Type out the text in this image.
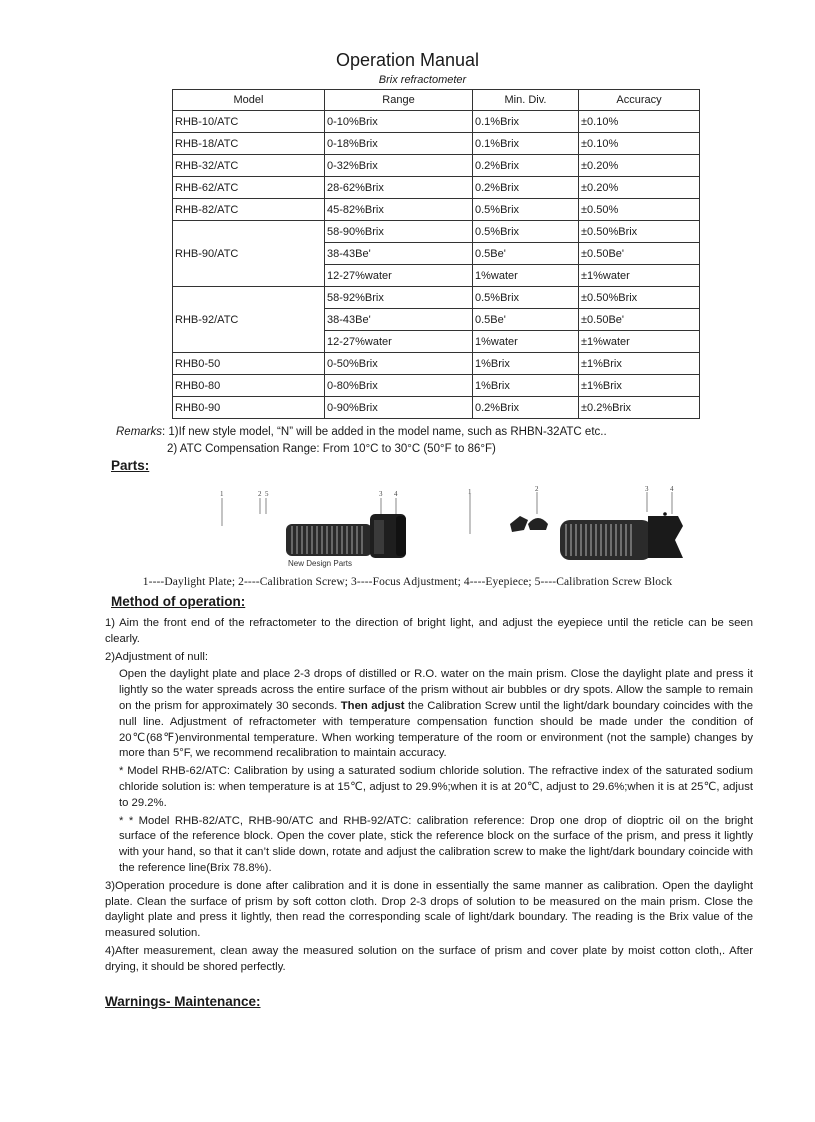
Operation Manual
Brix refractometer
Model	Range	Min. Div.	Accuracy
RHB-10/ATC	0-10%Brix	0.1%Brix	±0.10%
RHB-18/ATC	0-18%Brix	0.1%Brix	±0.10%
RHB-32/ATC	0-32%Brix	0.2%Brix	±0.20%
RHB-62/ATC	28-62%Brix	0.2%Brix	±0.20%
RHB-82/ATC	45-82%Brix	0.5%Brix	±0.50%
RHB-90/ATC	58-90%Brix	0.5%Brix	±0.50%Brix
	38-43Be'	0.5Be'	±0.50Be'
	12-27%water	1%water	±1%water
RHB-92/ATC	58-92%Brix	0.5%Brix	±0.50%Brix
	38-43Be'	0.5Be'	±0.50Be'
	12-27%water	1%water	±1%water
RHB0-50	0-50%Brix	1%Brix	±1%Brix
RHB0-80	0-80%Brix	1%Brix	±1%Brix
RHB0-90	0-90%Brix	0.2%Brix	±0.2%Brix
Remarks: 1)If new style model, “N” will be added in the model name, such as RHBN-32ATC etc..
2) ATC Compensation Range: From 10°C to 30°C (50°F to 86°F)
Parts:
2 5	3 4
New Design Parts
1	2	3	4
1
1----Daylight Plate; 2----Calibration Screw; 3----Focus Adjustment; 4----Eyepiece; 5----Calibration Screw Block
Method of operation:

1) Aim the front end of the refractometer to the direction of bright light, and adjust the eyepiece until the reticle can be seen clearly.

2)Adjustment of null:

Open the daylight plate and place 2-3 drops of distilled or R.O. water on the main prism. Close the daylight plate and press it lightly so the water spreads across the entire surface of the prism without air bubbles or dry spots. Allow the sample to remain on the prism for approximately 30 seconds. Then adjust the Calibration Screw until the light/dark boundary coincides with the null line. Adjustment of refractometer with temperature compensation function should be made under the condition of 20℃(68℉)environmental temperature. When working temperature of the room or environment (not the sample) changes by more than 5°F, we recommend recalibration to maintain accuracy.

* Model RHB-62/ATC: Calibration by using a saturated sodium chloride solution. The refractive index of the saturated sodium chloride solution is: when temperature is at 15℃, adjust to 29.9%;when it is at 20℃, adjust to 29.6%;when it is at 25℃, adjust to 29.2%.

* * Model RHB-82/ATC, RHB-90/ATC and RHB-92/ATC: calibration reference: Drop one drop of dioptric oil on the bright surface of the reference block. Open the cover plate, stick the reference block on the surface of the prism, and press it lightly with your hand, so that it can’t slide down, rotate and adjust the calibration screw to make the light/dark boundary coincide with the reference line(Brix 78.8%).

3)Operation procedure is done after calibration and it is done in essentially the same manner as calibration. Open the daylight plate. Clean the surface of prism by soft cotton cloth. Drop 2-3 drops of solution to be measured on the main prism. Close the daylight plate and press it lightly, then read the corresponding scale of light/dark boundary. The reading is the Brix value of the measured solution.

4)After measurement, clean away the measured solution on the surface of prism and cover plate by moist cotton cloth,. After drying, it should be shored perfectly.

Warnings- Maintenance:
